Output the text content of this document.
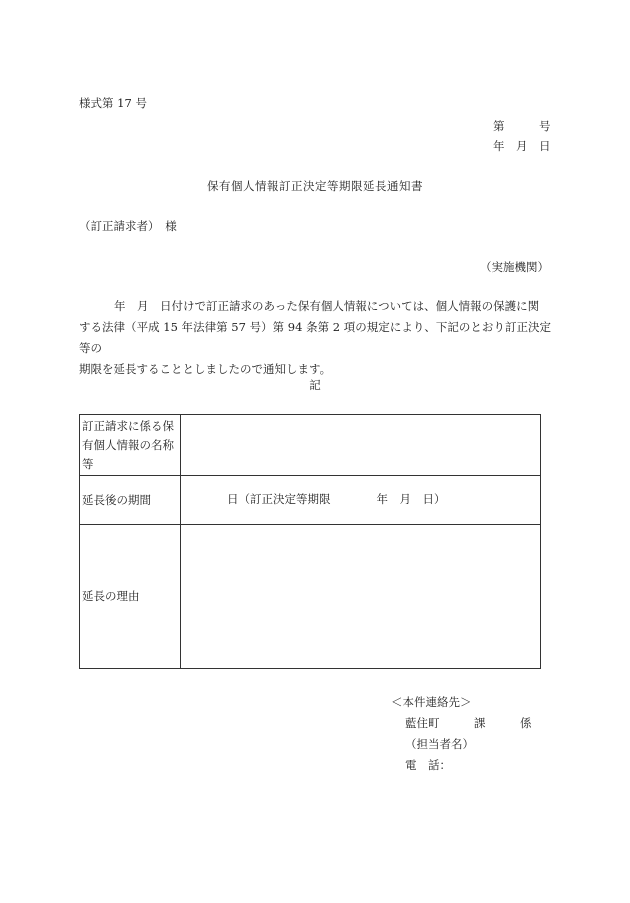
様式第 17 号
第　　　号
年　月　日
保有個人情報訂正決定等期限延長通知書
（訂正請求者）　様
（実施機関）

年　月　日付けで訂正請求のあった保有個人情報については、個人情報の保護に関

する法律（平成 15 年法律第 57 号）第 94 条第 2 項の規定により、下記のとおり訂正決定等の

期限を延長することとしましたので通知します。

記
訂正請求に係る保有個人情報の名称等	
延長後の期間	日（訂正決定等期限　　　　年　月　日）
延長の理由	
＜本件連絡先＞
藍住町　　　課　　　係
（担当者名）
電　話：
